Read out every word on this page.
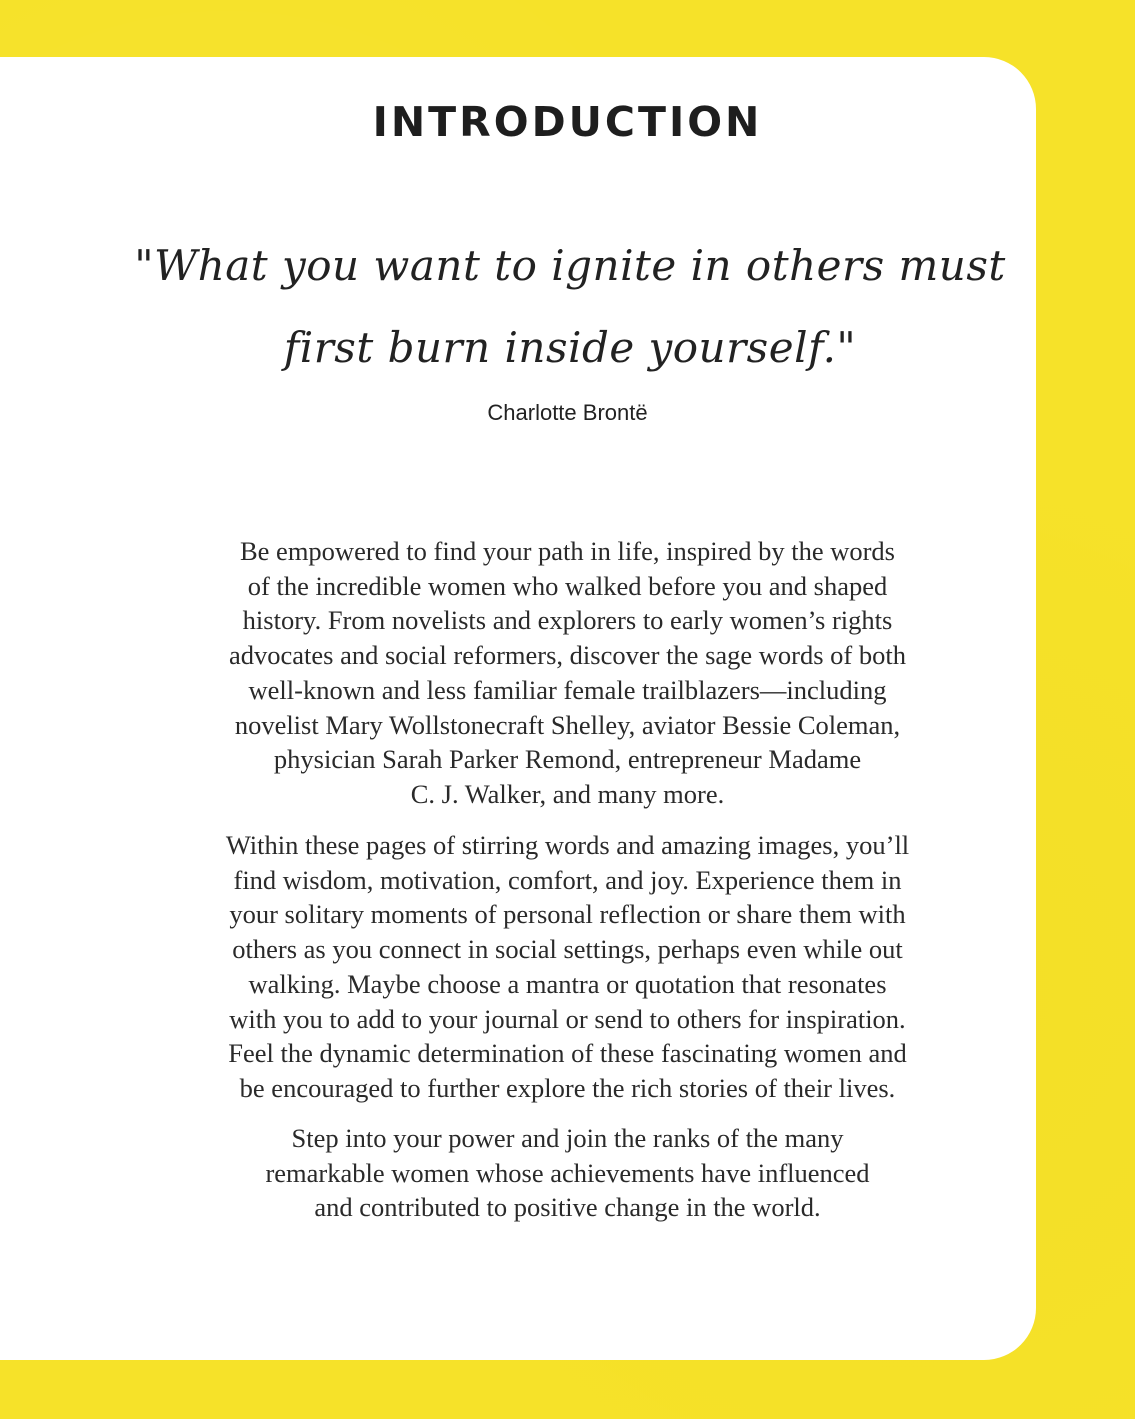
INTRODUCTION
"What you want to ignite in others must
first burn inside yourself."
Charlotte Brontë

Be empowered to find your path in life, inspired by the words
of the incredible women who walked before you and shaped
history. From novelists and explorers to early women’s rights
advocates and social reformers, discover the sage words of both
well-known and less familiar female trailblazers—including
novelist Mary Wollstonecraft Shelley, aviator Bessie Coleman,
physician Sarah Parker Remond, entrepreneur Madame
C. J. Walker, and many more.

Within these pages of stirring words and amazing images, you’ll
find wisdom, motivation, comfort, and joy. Experience them in
your solitary moments of personal reflection or share them with
others as you connect in social settings, perhaps even while out
walking. Maybe choose a mantra or quotation that resonates
with you to add to your journal or send to others for inspiration.
Feel the dynamic determination of these fascinating women and
be encouraged to further explore the rich stories of their lives.

Step into your power and join the ranks of the many
remarkable women whose achievements have influenced
and contributed to positive change in the world.
